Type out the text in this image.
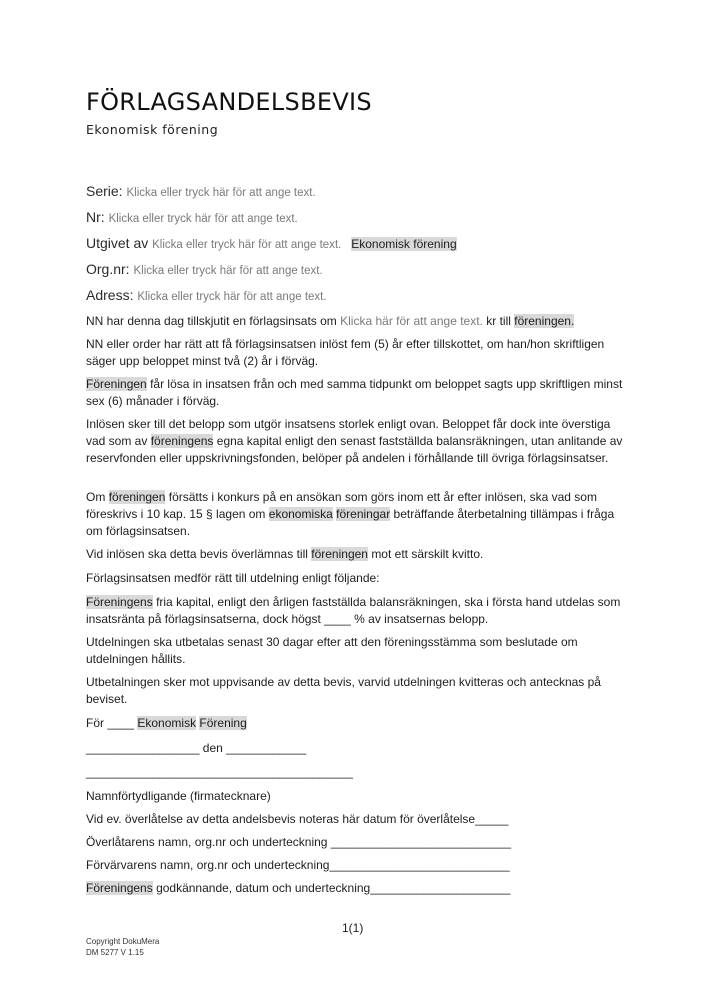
FÖRLAGSANDELSBEVIS
Ekonomisk förening
Serie: Klicka eller tryck här för att ange text.
Nr: Klicka eller tryck här för att ange text.
Utgivet av Klicka eller tryck här för att ange text. Ekonomisk förening
Org.nr: Klicka eller tryck här för att ange text.
Adress: Klicka eller tryck här för att ange text.
NN har denna dag tillskjutit en förlagsinsats om Klicka här för att ange text. kr till föreningen.
NN eller order har rätt att få förlagsinsatsen inlöst fem (5) år efter tillskottet, om han/hon skriftligen säger upp beloppet minst två (2) år i förväg.
Föreningen får lösa in insatsen från och med samma tidpunkt om beloppet sagts upp skriftligen minst sex (6) månader i förväg.
Inlösen sker till det belopp som utgör insatsens storlek enligt ovan. Beloppet får dock inte överstiga vad som av föreningens egna kapital enligt den senast fastställda balansräkningen, utan anlitande av reservfonden eller uppskrivningsfonden, belöper på andelen i förhållande till övriga förlagsinsatser.
Om föreningen försätts i konkurs på en ansökan som görs inom ett år efter inlösen, ska vad som föreskrivs i 10 kap. 15 § lagen om ekonomiska föreningar beträffande återbetalning tillämpas i fråga om förlagsinsatsen.
Vid inlösen ska detta bevis överlämnas till föreningen mot ett särskilt kvitto.
Förlagsinsatsen medför rätt till utdelning enligt följande:
Föreningens fria kapital, enligt den årligen fastställda balansräkningen, ska i första hand utdelas som insatsränta på förlagsinsatserna, dock högst ____ % av insatsernas belopp.
Utdelningen ska utbetalas senast 30 dagar efter att den föreningsstämma som beslutade om utdelningen hållits.
Utbetalningen sker mot uppvisande av detta bevis, varvid utdelningen kvitteras och antecknas på beviset.
För ____ Ekonomisk Förening
_________________ den ____________
________________________________________
Namnförtydligande (firmatecknare)
Vid ev. överlåtelse av detta andelsbevis noteras här datum för överlåtelse_____
Överlåtarens namn, org.nr och underteckning ___________________________
Förvärvarens namn, org.nr och underteckning___________________________
Föreningens godkännande, datum och underteckning_____________________
1(1)
Copyright DokuMera
DM 5277 V 1.15
